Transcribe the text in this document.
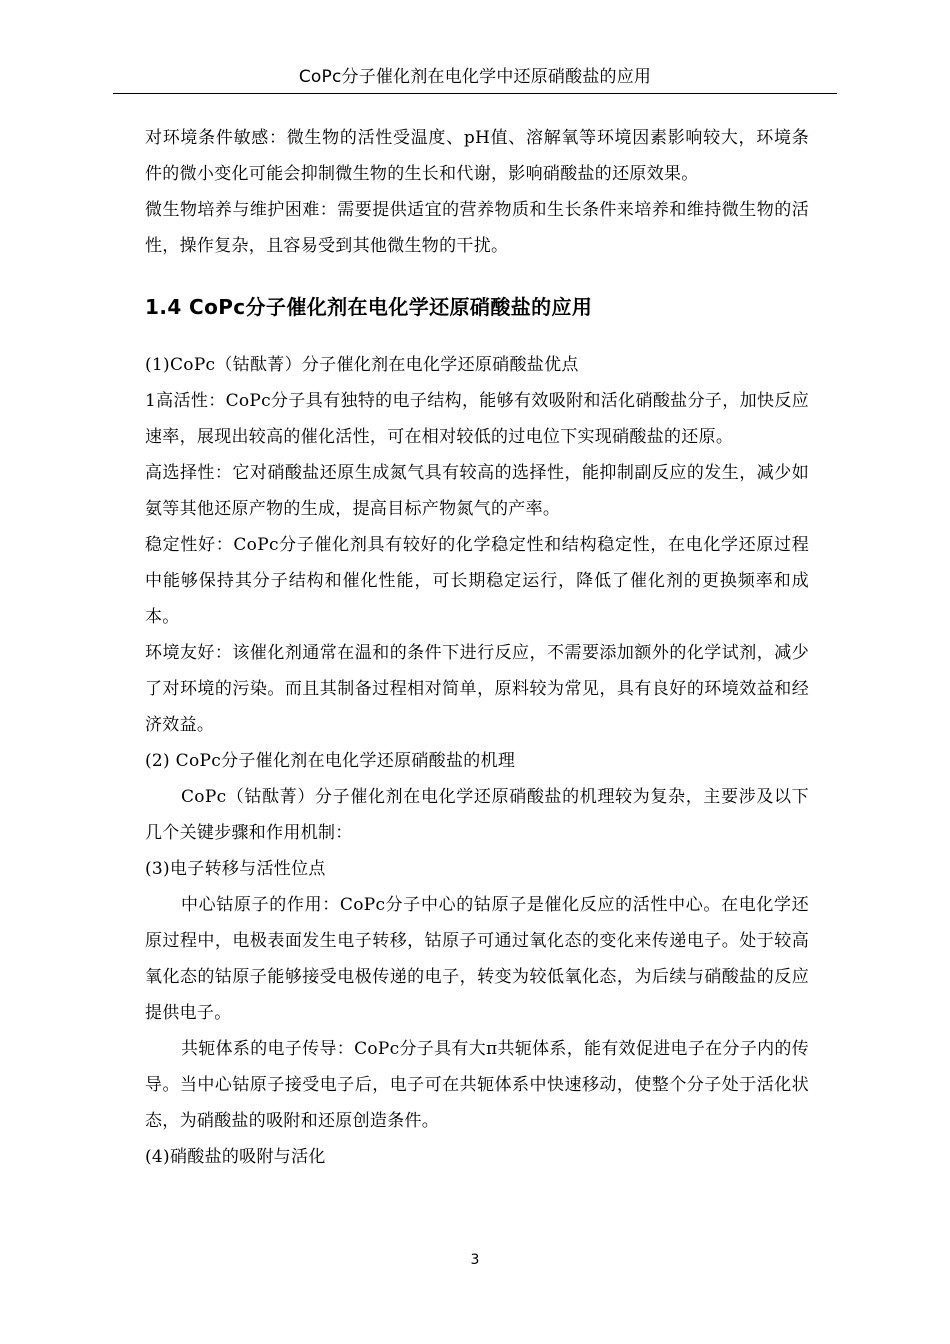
CoPc分子催化剂在电化学中还原硝酸盐的应用

对环境条件敏感：微生物的活性受温度、pH值、溶解氧等环境因素影响较大，环境条件的微小变化可能会抑制微生物的生长和代谢，影响硝酸盐的还原效果。

微生物培养与维护困难：需要提供适宜的营养物质和生长条件来培养和维持微生物的活性，操作复杂，且容易受到其他微生物的干扰。

1.4 CoPc分子催化剂在电化学还原硝酸盐的应用

(1)CoPc（钴酞菁）分子催化剂在电化学还原硝酸盐优点

1高活性：CoPc分子具有独特的电子结构，能够有效吸附和活化硝酸盐分子，加快反应速率，展现出较高的催化活性，可在相对较低的过电位下实现硝酸盐的还原。

高选择性：它对硝酸盐还原生成氮气具有较高的选择性，能抑制副反应的发生，减少如氨等其他还原产物的生成，提高目标产物氮气的产率。

稳定性好：CoPc分子催化剂具有较好的化学稳定性和结构稳定性，在电化学还原过程中能够保持其分子结构和催化性能，可长期稳定运行，降低了催化剂的更换频率和成本。

环境友好：该催化剂通常在温和的条件下进行反应，不需要添加额外的化学试剂，减少了对环境的污染。而且其制备过程相对简单，原料较为常见，具有良好的环境效益和经济效益。

(2) CoPc分子催化剂在电化学还原硝酸盐的机理

CoPc（钴酞菁）分子催化剂在电化学还原硝酸盐的机理较为复杂，主要涉及以下几个关键步骤和作用机制：

(3)电子转移与活性位点

中心钴原子的作用：CoPc分子中心的钴原子是催化反应的活性中心。在电化学还原过程中，电极表面发生电子转移，钴原子可通过氧化态的变化来传递电子。处于较高氧化态的钴原子能够接受电极传递的电子，转变为较低氧化态，为后续与硝酸盐的反应提供电子。

共轭体系的电子传导：CoPc分子具有大π共轭体系，能有效促进电子在分子内的传导。当中心钴原子接受电子后，电子可在共轭体系中快速移动，使整个分子处于活化状态，为硝酸盐的吸附和还原创造条件。

(4)硝酸盐的吸附与活化

3
